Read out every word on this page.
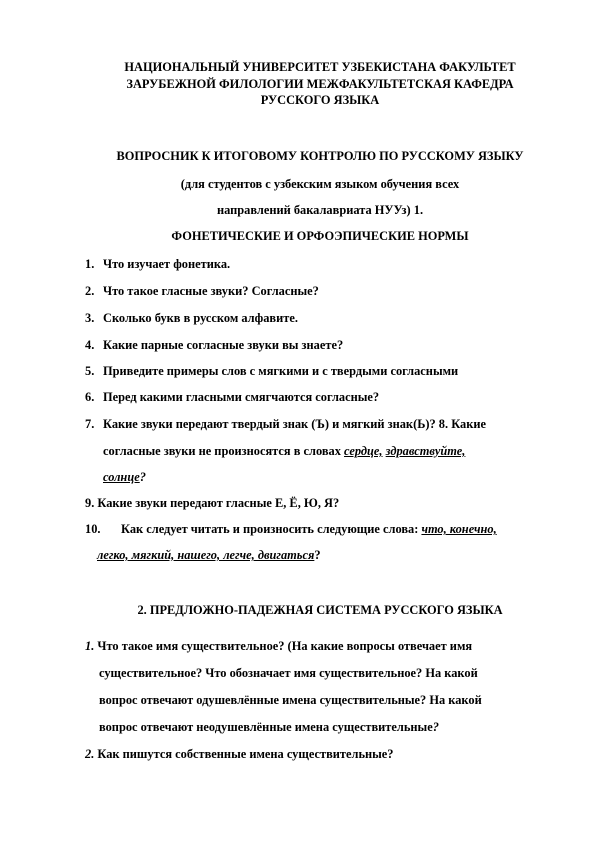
НАЦИОНАЛЬНЫЙ УНИВЕРСИТЕТ УЗБЕКИСТАНА ФАКУЛЬТЕТ
ЗАРУБЕЖНОЙ ФИЛОЛОГИИ МЕЖФАКУЛЬТЕТСКАЯ КАФЕДРА
РУССКОГО ЯЗЫКА
ВОПРОСНИК К ИТОГОВОМУ КОНТРОЛЮ ПО РУССКОМУ ЯЗЫКУ
(для студентов с узбекским языком обучения всех
направлений бакалавриата НУУз) 1.
ФОНЕТИЧЕСКИЕ И ОРФОЭПИЧЕСКИЕ НОРМЫ
1. Что изучает фонетика.
2. Что такое гласные звуки? Согласные?
3. Сколько букв в русском алфавите.
4. Какие парные согласные звуки вы знаете?
5. Приведите примеры слов с мягкими и с твердыми согласными
6. Перед какими гласными смягчаются согласные?
7. Какие звуки передают твердый знак (Ъ) и мягкий знак(Ь)? 8. Какие
согласные звуки не произносятся в словах сердце, здравствуйте,
солнце?
9. Какие звуки передают гласные Е, Ё, Ю, Я?
10. Как следует читать и произносить следующие слова: что, конечно,
легко, мягкий, нашего, легче, двигаться?
2. ПРЕДЛОЖНО-ПАДЕЖНАЯ СИСТЕМА РУССКОГО ЯЗЫКА
1. Что такое имя существительное? (На какие вопросы отвечает имя
существительное? Что обозначает имя существительное? На какой
вопрос отвечают одушевлённые имена существительные? На какой
вопрос отвечают неодушевлённые имена существительные?
2. Как пишутся собственные имена существительные?
